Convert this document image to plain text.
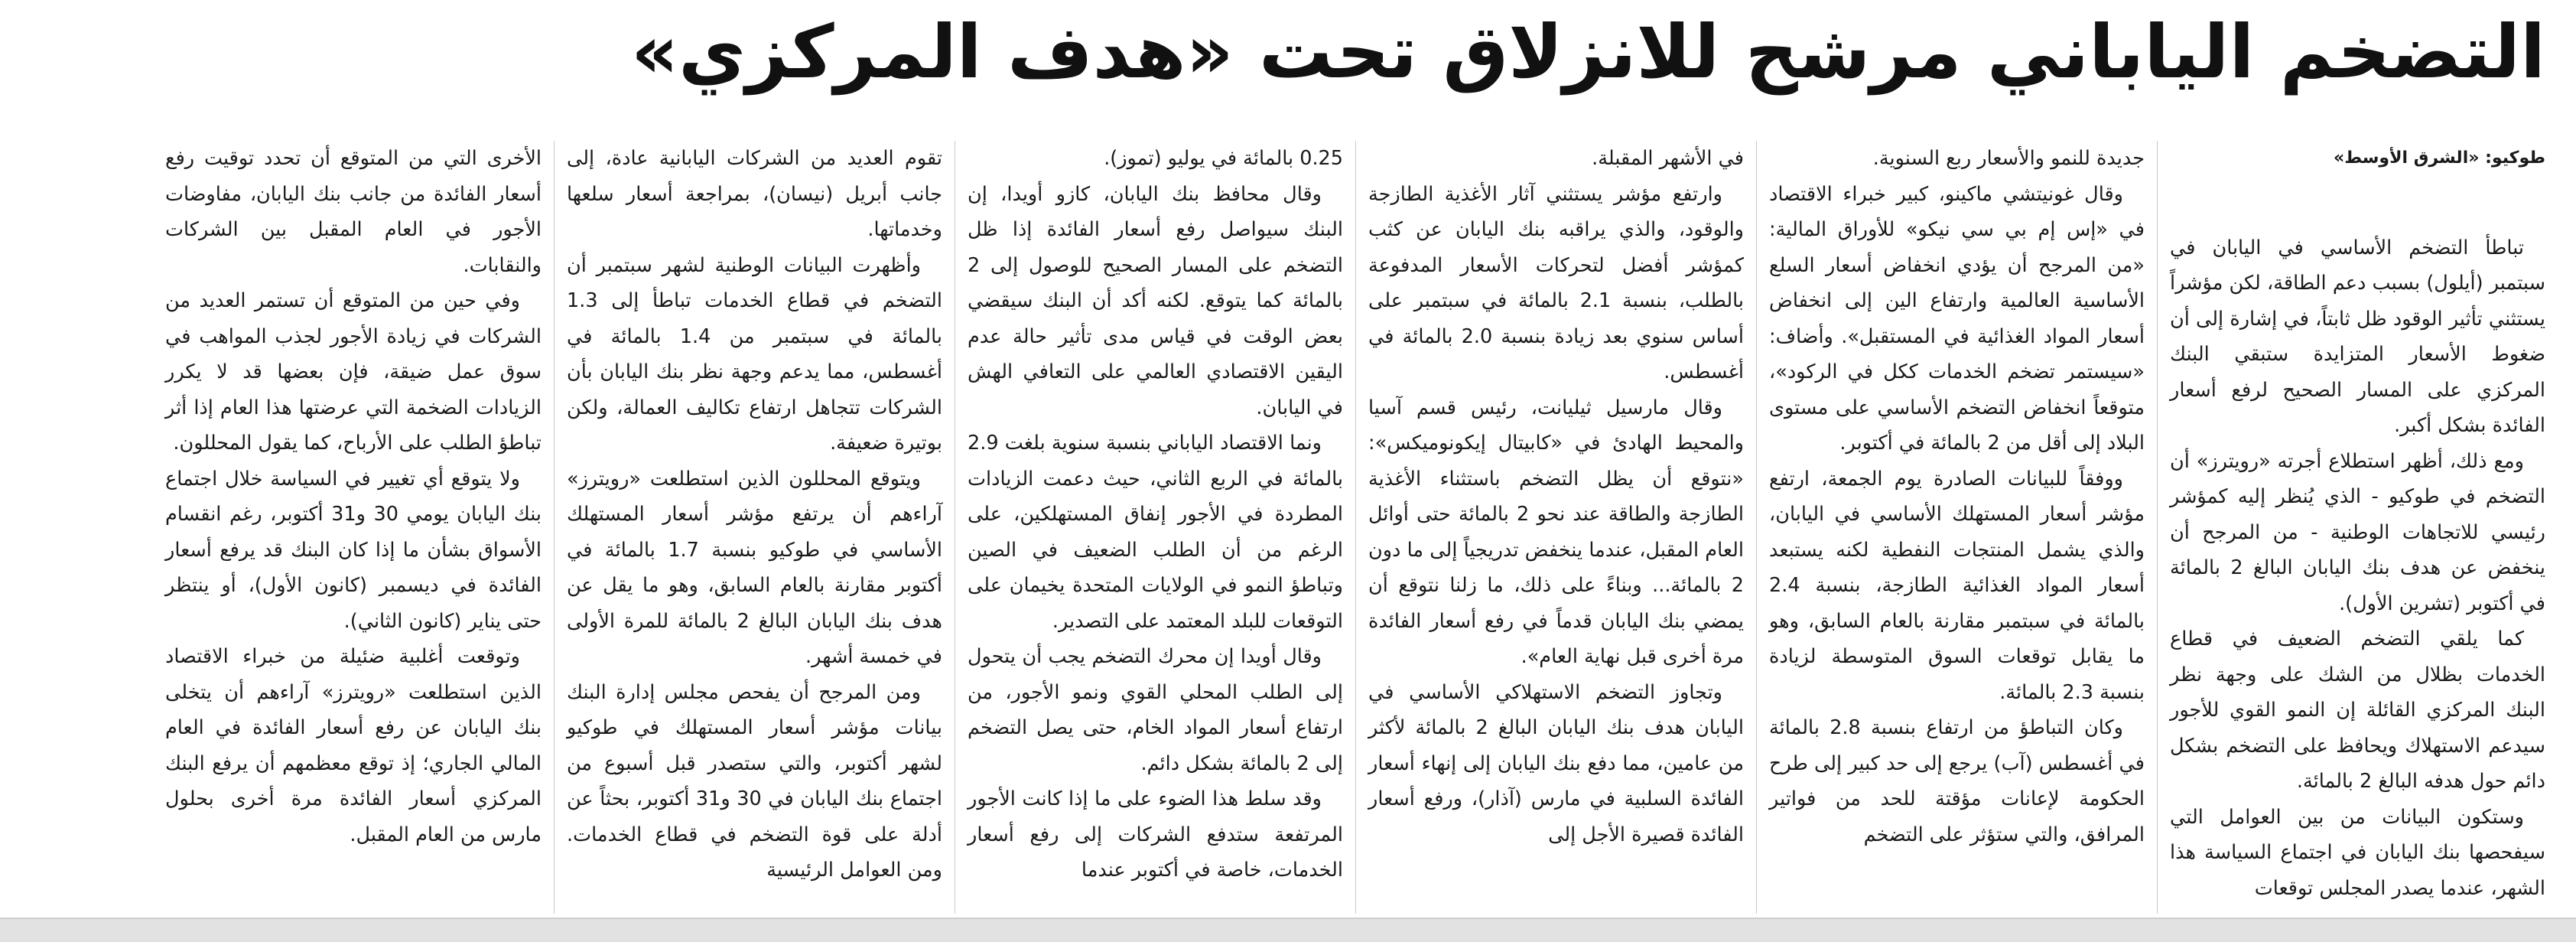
التضخم الياباني مرشح للانزلاق تحت «هدف المركزي»
طوكيو: «الشرق الأوسط»

تباطأ التضخم الأساسي في اليابان في سبتمبر (أيلول) بسبب دعم الطاقة، لكن مؤشراً يستثني تأثير الوقود ظل ثابتاً، في إشارة إلى أن ضغوط الأسعار المتزايدة ستبقي البنك المركزي على المسار الصحيح لرفع أسعار الفائدة بشكل أكبر.

ومع ذلك، أظهر استطلاع أجرته «رويترز» أن التضخم في طوكيو - الذي يُنظر إليه كمؤشر رئيسي للاتجاهات الوطنية - من المرجح أن ينخفض عن هدف بنك اليابان البالغ 2 بالمائة في أكتوبر (تشرين الأول).

كما يلقي التضخم الضعيف في قطاع الخدمات بظلال من الشك على وجهة نظر البنك المركزي القائلة إن النمو القوي للأجور سيدعم الاستهلاك ويحافظ على التضخم بشكل دائم حول هدفه البالغ 2 بالمائة.

وستكون البيانات من بين العوامل التي سيفحصها بنك اليابان في اجتماع السياسة هذا الشهر، عندما يصدر المجلس توقعات

جديدة للنمو والأسعار ربع السنوية.

وقال غونيتشي ماكينو، كبير خبراء الاقتصاد في «إس إم بي سي نيكو» للأوراق المالية: «من المرجح أن يؤدي انخفاض أسعار السلع الأساسية العالمية وارتفاع الين إلى انخفاض أسعار المواد الغذائية في المستقبل». وأضاف: «سيستمر تضخم الخدمات ككل في الركود»، متوقعاً انخفاض التضخم الأساسي على مستوى البلاد إلى أقل من 2 بالمائة في أكتوبر.

ووفقاً للبيانات الصادرة يوم الجمعة، ارتفع مؤشر أسعار المستهلك الأساسي في اليابان، والذي يشمل المنتجات النفطية لكنه يستبعد أسعار المواد الغذائية الطازجة، بنسبة 2.4 بالمائة في سبتمبر مقارنة بالعام السابق، وهو ما يقابل توقعات السوق المتوسطة لزيادة بنسبة 2.3 بالمائة.

وكان التباطؤ من ارتفاع بنسبة 2.8 بالمائة في أغسطس (آب) يرجع إلى حد كبير إلى طرح الحكومة لإعانات مؤقتة للحد من فواتير المرافق، والتي ستؤثر على التضخم

في الأشهر المقبلة.

وارتفع مؤشر يستثني آثار الأغذية الطازجة والوقود، والذي يراقبه بنك اليابان عن كثب كمؤشر أفضل لتحركات الأسعار المدفوعة بالطلب، بنسبة 2.1 بالمائة في سبتمبر على أساس سنوي بعد زيادة بنسبة 2.0 بالمائة في أغسطس.

وقال مارسيل ثيليانت، رئيس قسم آسيا والمحيط الهادئ في «كابيتال إيكونوميكس»: «نتوقع أن يظل التضخم باستثناء الأغذية الطازجة والطاقة عند نحو 2 بالمائة حتى أوائل العام المقبل، عندما ينخفض تدريجياً إلى ما دون 2 بالمائة... وبناءً على ذلك، ما زلنا نتوقع أن يمضي بنك اليابان قدماً في رفع أسعار الفائدة مرة أخرى قبل نهاية العام».

وتجاوز التضخم الاستهلاكي الأساسي في اليابان هدف بنك اليابان البالغ 2 بالمائة لأكثر من عامين، مما دفع بنك اليابان إلى إنهاء أسعار الفائدة السلبية في مارس (آذار)، ورفع أسعار الفائدة قصيرة الأجل إلى

0.25 بالمائة في يوليو (تموز).

وقال محافظ بنك اليابان، كازو أويدا، إن البنك سيواصل رفع أسعار الفائدة إذا ظل التضخم على المسار الصحيح للوصول إلى 2 بالمائة كما يتوقع. لكنه أكد أن البنك سيقضي بعض الوقت في قياس مدى تأثير حالة عدم اليقين الاقتصادي العالمي على التعافي الهش في اليابان.

ونما الاقتصاد الياباني بنسبة سنوية بلغت 2.9 بالمائة في الربع الثاني، حيث دعمت الزيادات المطردة في الأجور إنفاق المستهلكين، على الرغم من أن الطلب الضعيف في الصين وتباطؤ النمو في الولايات المتحدة يخيمان على التوقعات للبلد المعتمد على التصدير.

وقال أويدا إن محرك التضخم يجب أن يتحول إلى الطلب المحلي القوي ونمو الأجور، من ارتفاع أسعار المواد الخام، حتى يصل التضخم إلى 2 بالمائة بشكل دائم.

وقد سلط هذا الضوء على ما إذا كانت الأجور المرتفعة ستدفع الشركات إلى رفع أسعار الخدمات، خاصة في أكتوبر عندما

تقوم العديد من الشركات اليابانية عادة، إلى جانب أبريل (نيسان)، بمراجعة أسعار سلعها وخدماتها.

وأظهرت البيانات الوطنية لشهر سبتمبر أن التضخم في قطاع الخدمات تباطأ إلى 1.3 بالمائة في سبتمبر من 1.4 بالمائة في أغسطس، مما يدعم وجهة نظر بنك اليابان بأن الشركات تتجاهل ارتفاع تكاليف العمالة، ولكن بوتيرة ضعيفة.

ويتوقع المحللون الذين استطلعت «رويترز» آراءهم أن يرتفع مؤشر أسعار المستهلك الأساسي في طوكيو بنسبة 1.7 بالمائة في أكتوبر مقارنة بالعام السابق، وهو ما يقل عن هدف بنك اليابان البالغ 2 بالمائة للمرة الأولى في خمسة أشهر.

ومن المرجح أن يفحص مجلس إدارة البنك بيانات مؤشر أسعار المستهلك في طوكيو لشهر أكتوبر، والتي ستصدر قبل أسبوع من اجتماع بنك اليابان في 30 و31 أكتوبر، بحثاً عن أدلة على قوة التضخم في قطاع الخدمات. ومن العوامل الرئيسية

الأخرى التي من المتوقع أن تحدد توقيت رفع أسعار الفائدة من جانب بنك اليابان، مفاوضات الأجور في العام المقبل بين الشركات والنقابات.

وفي حين من المتوقع أن تستمر العديد من الشركات في زيادة الأجور لجذب المواهب في سوق عمل ضيقة، فإن بعضها قد لا يكرر الزيادات الضخمة التي عرضتها هذا العام إذا أثر تباطؤ الطلب على الأرباح، كما يقول المحللون.

ولا يتوقع أي تغيير في السياسة خلال اجتماع بنك اليابان يومي 30 و31 أكتوبر، رغم انقسام الأسواق بشأن ما إذا كان البنك قد يرفع أسعار الفائدة في ديسمبر (كانون الأول)، أو ينتظر حتى يناير (كانون الثاني).

وتوقعت أغلبية ضئيلة من خبراء الاقتصاد الذين استطلعت «رويترز» آراءهم أن يتخلى بنك اليابان عن رفع أسعار الفائدة في العام المالي الجاري؛ إذ توقع معظمهم أن يرفع البنك المركزي أسعار الفائدة مرة أخرى بحلول مارس من العام المقبل.
